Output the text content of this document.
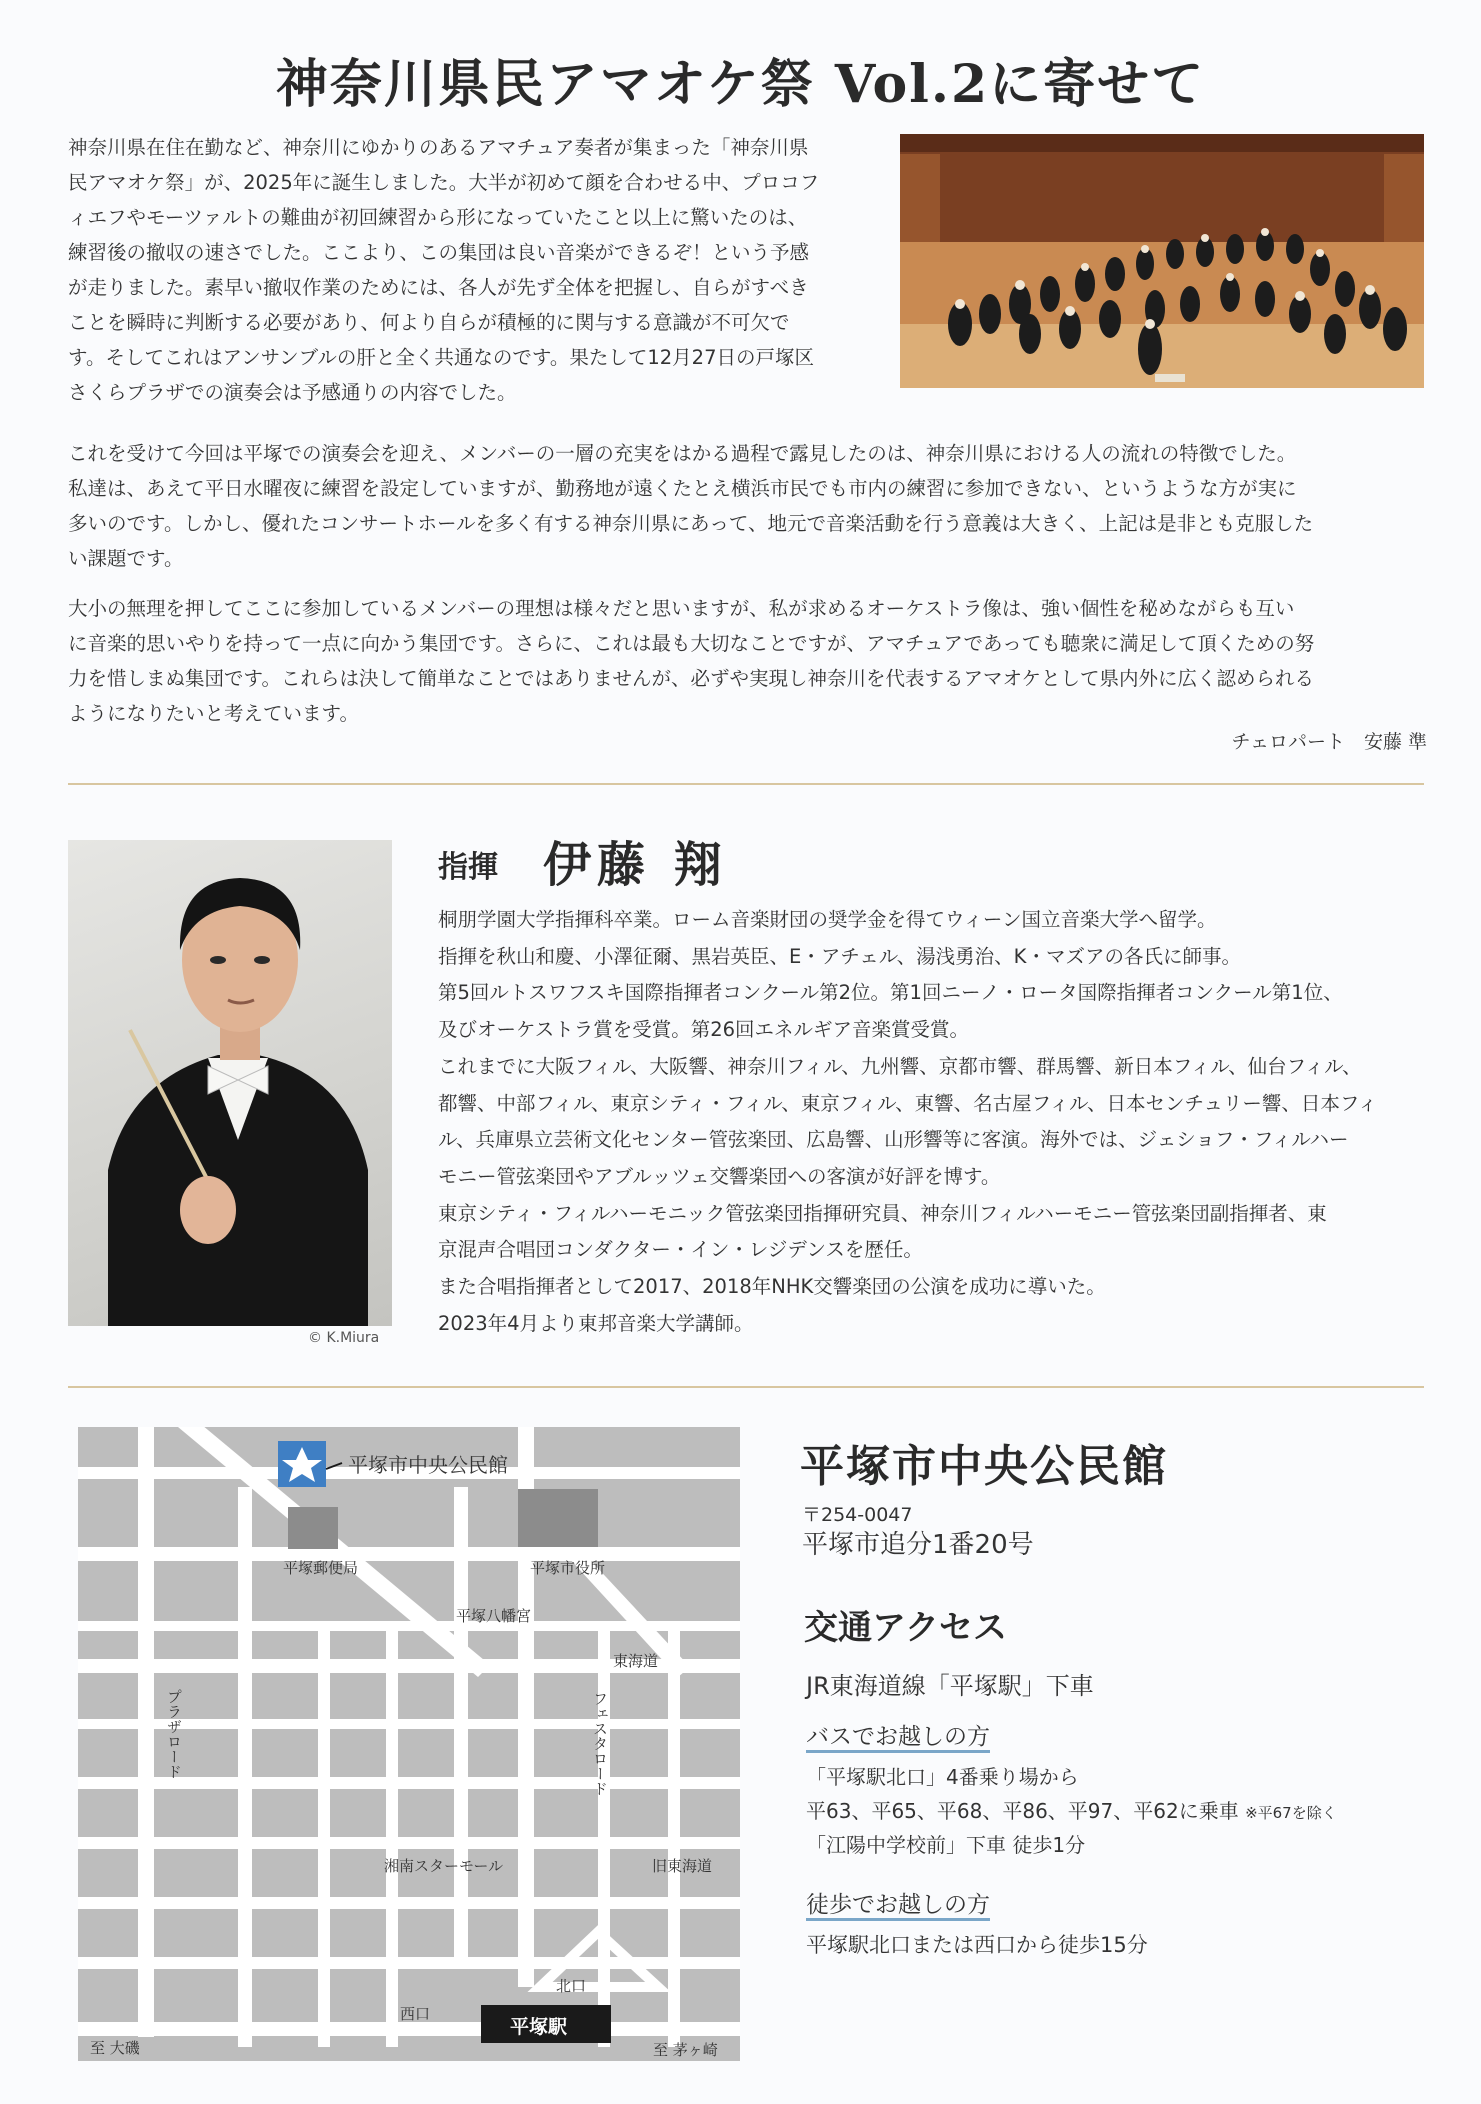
神奈川県民アマオケ祭 Vol.2に寄せて
神奈川県在住在勤など、神奈川にゆかりのあるアマチュア奏者が集まった「神奈川県
民アマオケ祭」が、2025年に誕生しました。大半が初めて顔を合わせる中、プロコフ
ィエフやモーツァルトの難曲が初回練習から形になっていたこと以上に驚いたのは、
練習後の撤収の速さでした。ここより、この集団は良い音楽ができるぞ！という予感
が走りました。素早い撤収作業のためには、各人が先ず全体を把握し、自らがすべき
ことを瞬時に判断する必要があり、何より自らが積極的に関与する意識が不可欠で
す。そしてこれはアンサンブルの肝と全く共通なのです。果たして12月27日の戸塚区
さくらプラザでの演奏会は予感通りの内容でした。
これを受けて今回は平塚での演奏会を迎え、メンバーの一層の充実をはかる過程で露見したのは、神奈川県における人の流れの特徴でした。
私達は、あえて平日水曜夜に練習を設定していますが、勤務地が遠くたとえ横浜市民でも市内の練習に参加できない、というような方が実に
多いのです。しかし、優れたコンサートホールを多く有する神奈川県にあって、地元で音楽活動を行う意義は大きく、上記は是非とも克服した
い課題です。
大小の無理を押してここに参加しているメンバーの理想は様々だと思いますが、私が求めるオーケストラ像は、強い個性を秘めながらも互い
に音楽的思いやりを持って一点に向かう集団です。さらに、これは最も大切なことですが、アマチュアであっても聴衆に満足して頂くための努
力を惜しまぬ集団です。これらは決して簡単なことではありませんが、必ずや実現し神奈川を代表するアマオケとして県内外に広く認められる
ようになりたいと考えています。
チェロパート　安藤 準
© K.Miura
指揮 伊藤 翔
桐朋学園大学指揮科卒業。ローム音楽財団の奨学金を得てウィーン国立音楽大学へ留学。
指揮を秋山和慶、小澤征爾、黒岩英臣、E・アチェル、湯浅勇治、K・マズアの各氏に師事。
第5回ルトスワフスキ国際指揮者コンクール第2位。第1回ニーノ・ロータ国際指揮者コンクール第1位、
及びオーケストラ賞を受賞。第26回エネルギア音楽賞受賞。
これまでに大阪フィル、大阪響、神奈川フィル、九州響、京都市響、群馬響、新日本フィル、仙台フィル、
都響、中部フィル、東京シティ・フィル、東京フィル、東響、名古屋フィル、日本センチュリー響、日本フィ
ル、兵庫県立芸術文化センター管弦楽団、広島響、山形響等に客演。海外では、ジェショフ・フィルハー
モニー管弦楽団やアブルッツェ交響楽団への客演が好評を博す。
東京シティ・フィルハーモニック管弦楽団指揮研究員、神奈川フィルハーモニー管弦楽団副指揮者、東
京混声合唱団コンダクター・イン・レジデンスを歴任。
また合唱指揮者として2017、2018年NHK交響楽団の公演を成功に導いた。
2023年4月より東邦音楽大学講師。
平塚市中央公民館
平塚郵便局	平塚市役所
平塚八幡宮
東海道
プラザロード	フェスタロード
湘南スターモール	旧東海道
北口
西口
平塚駅
至 大磯	至 茅ヶ崎
平塚市中央公民館
〒254-0047
平塚市追分1番20号
交通アクセス
JR東海道線「平塚駅」下車
バスでお越しの方
「平塚駅北口」4番乗り場から
平63、平65、平68、平86、平97、平62に乗車 ※平67を除く
「江陽中学校前」下車 徒歩1分
徒歩でお越しの方
平塚駅北口または西口から徒歩15分
